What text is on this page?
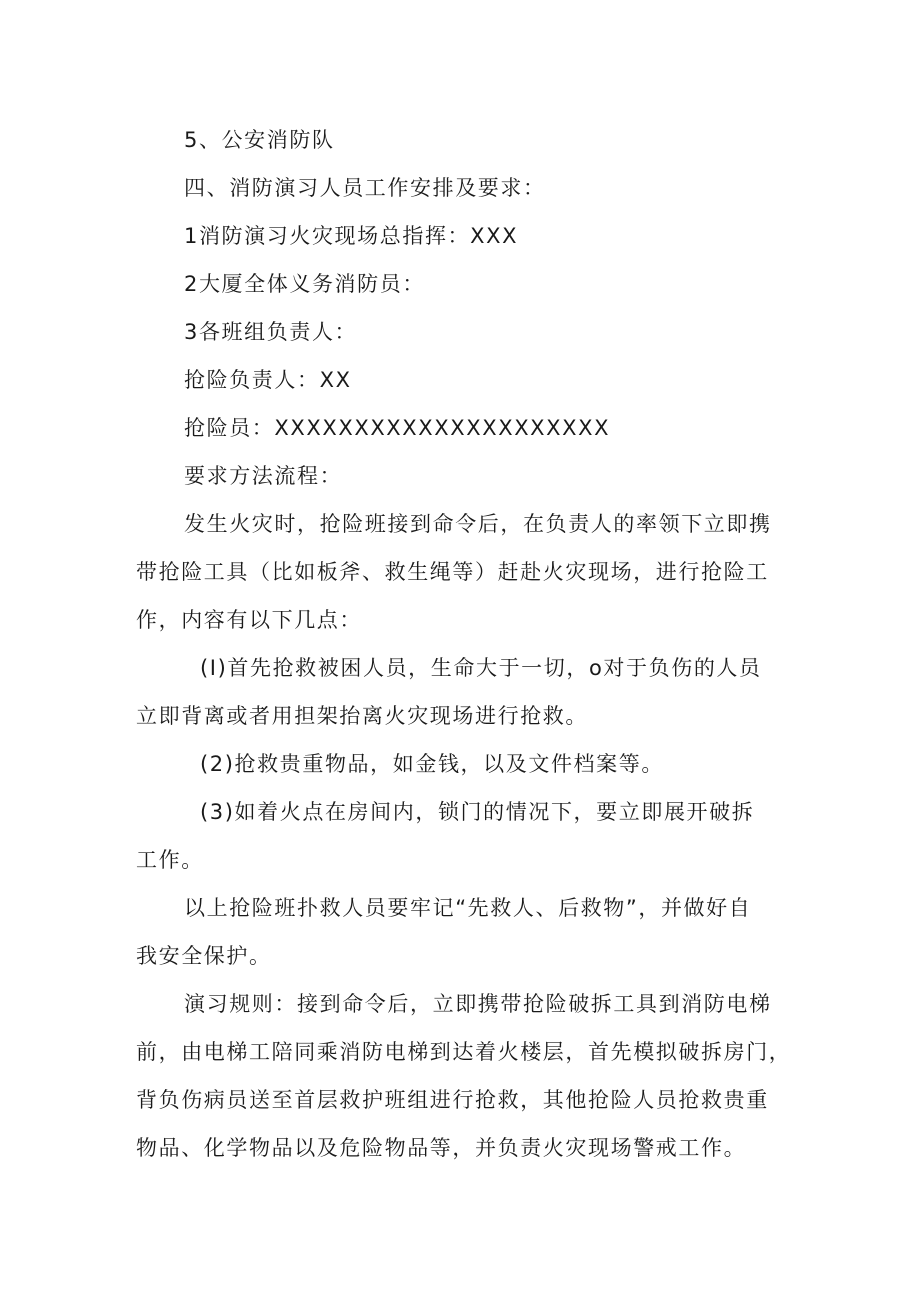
5、公安消防队
四、消防演习人员工作安排及要求：
1消防演习火灾现场总指挥：XXX
2大厦全体义务消防员：
3各班组负责人：
抢险负责人：XX
抢险员：XXXXXXXXXXXXXXXXXXXXX
要求方法流程：
发生火灾时，抢险班接到命令后，在负责人的率领下立即携
带抢险工具（比如板斧、救生绳等）赶赴火灾现场，进行抢险工
作，内容有以下几点：
(I)首先抢救被困人员，生命大于一切，o对于负伤的人员
立即背离或者用担架抬离火灾现场进行抢救。
(2)抢救贵重物品，如金钱，以及文件档案等。
(3)如着火点在房间内，锁门的情况下，要立即展开破拆
工作。
以上抢险班扑救人员要牢记“先救人、后救物”，并做好自
我安全保护。
演习规则：接到命令后，立即携带抢险破拆工具到消防电梯
前，由电梯工陪同乘消防电梯到达着火楼层，首先模拟破拆房门，
背负伤病员送至首层救护班组进行抢救，其他抢险人员抢救贵重
物品、化学物品以及危险物品等，并负责火灾现场警戒工作。
